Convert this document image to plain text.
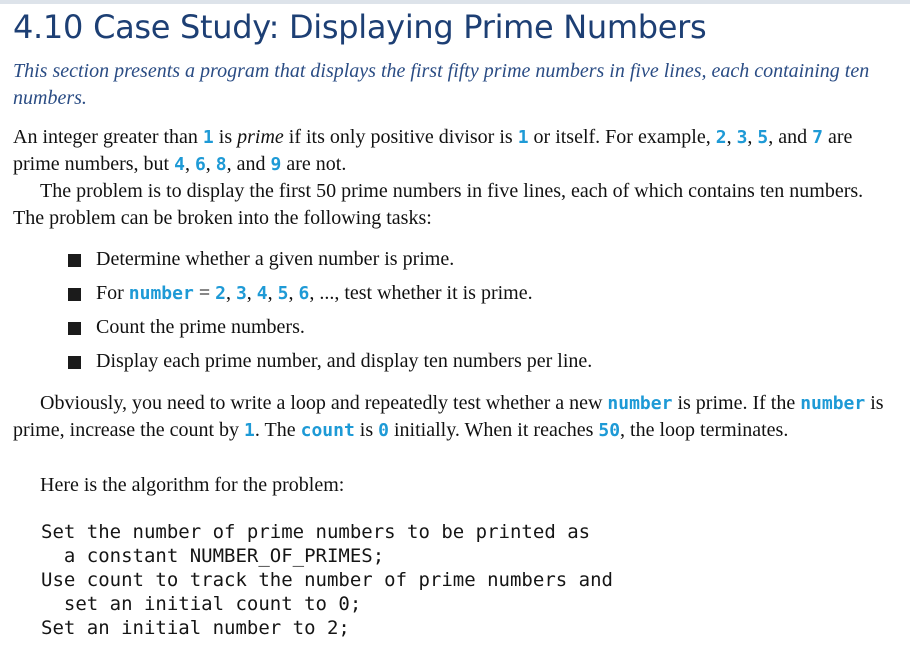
4.10 Case Study: Displaying Prime Numbers
This section presents a program that displays the first fifty prime numbers in five lines, each containing ten numbers.
An integer greater than 1 is prime if its only positive divisor is 1 or itself. For example, 2, 3, 5, and 7 are prime numbers, but 4, 6, 8, and 9 are not.
The problem is to display the first 50 prime numbers in five lines, each of which contains ten numbers. The problem can be broken into the following tasks:
Determine whether a given number is prime.
For number = 2, 3, 4, 5, 6, ..., test whether it is prime.
Count the prime numbers.
Display each prime number, and display ten numbers per line.
Obviously, you need to write a loop and repeatedly test whether a new number is prime. If the number is prime, increase the count by 1. The count is 0 initially. When it reaches 50, the loop terminates.
Here is the algorithm for the problem:
Set the number of prime numbers to be printed as
a constant NUMBER_OF_PRIMES;
Use count to track the number of prime numbers and
set an initial count to 0;
Set an initial number to 2;
